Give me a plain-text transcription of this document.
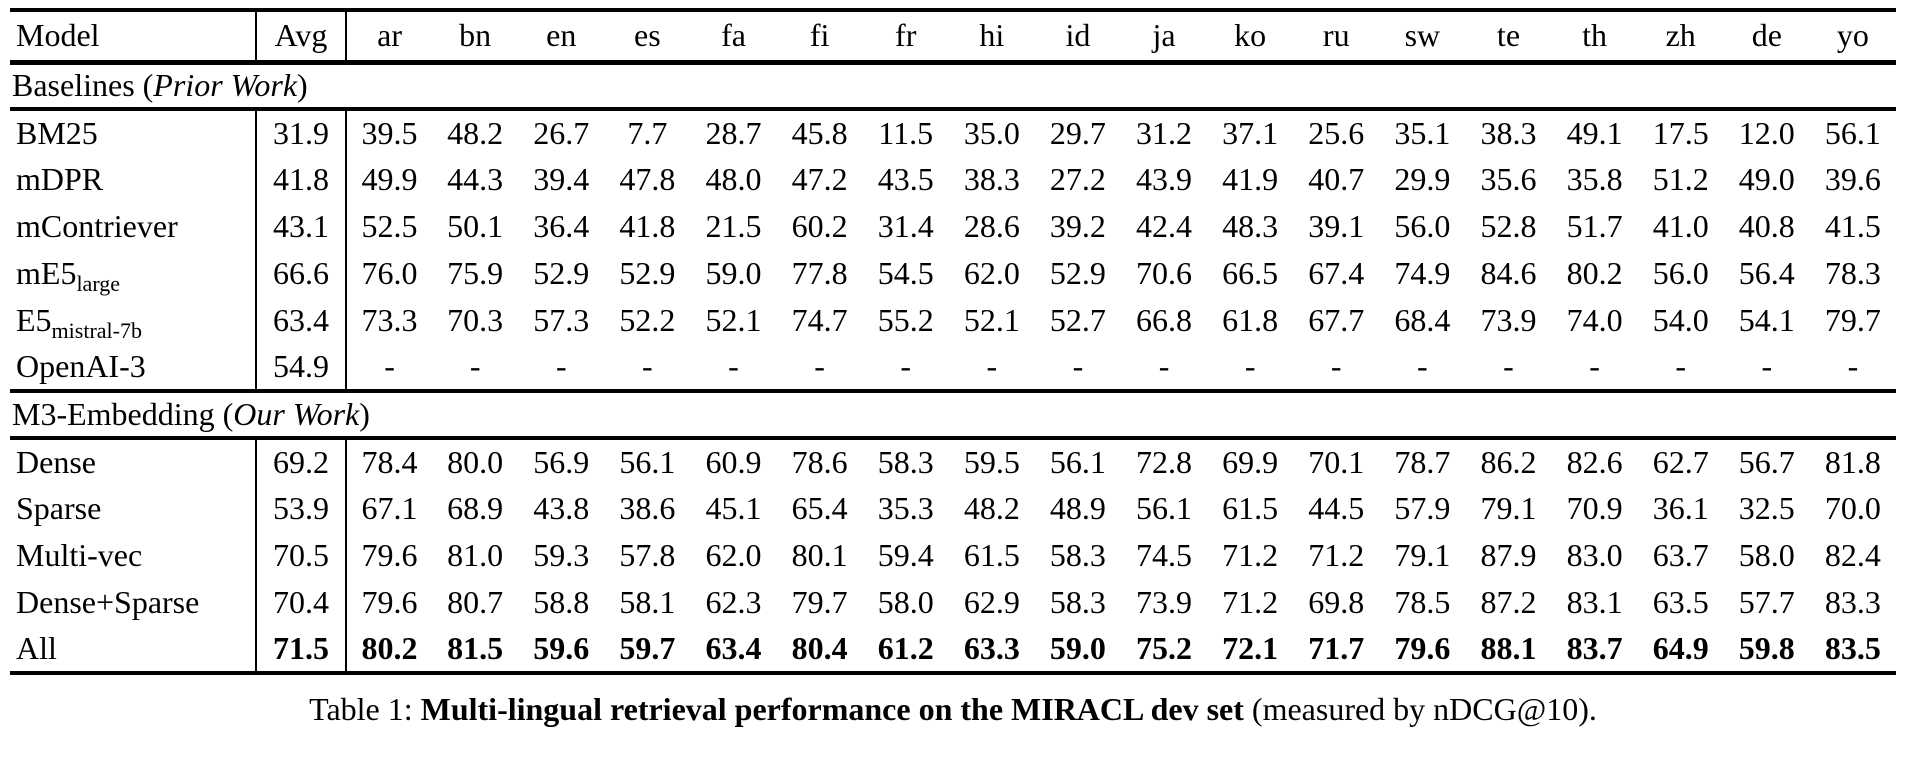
Model	Avg	ar	bn	en	es	fa	fi	fr	hi	id	ja	ko	ru	sw	te	th	zh	de	yo
Baselines (Prior Work)																			
BM25	31.9	39.5	48.2	26.7	7.7	28.7	45.8	11.5	35.0	29.7	31.2	37.1	25.6	35.1	38.3	49.1	17.5	12.0	56.1
mDPR	41.8	49.9	44.3	39.4	47.8	48.0	47.2	43.5	38.3	27.2	43.9	41.9	40.7	29.9	35.6	35.8	51.2	49.0	39.6
mContriever	43.1	52.5	50.1	36.4	41.8	21.5	60.2	31.4	28.6	39.2	42.4	48.3	39.1	56.0	52.8	51.7	41.0	40.8	41.5
$mE5_{large}$	66.6	76.0	75.9	52.9	52.9	59.0	77.8	54.5	62.0	52.9	70.6	66.5	67.4	74.9	84.6	80.2	56.0	56.4	78.3
$E5_{mistral-7b}$	63.4	73.3	70.3	57.3	52.2	52.1	74.7	55.2	52.1	52.7	66.8	61.8	67.7	68.4	73.9	74.0	54.0	54.1	79.7
OpenAI-3	54.9	-	-	-	-	-	-	-	-	-	-	-	-	-	-	-	-	-	-
M3-Embedding (Our Work)																			
Dense	69.2	78.4	80.0	56.9	56.1	60.9	78.6	58.3	59.5	56.1	72.8	69.9	70.1	78.7	86.2	82.6	62.7	56.7	81.8
Sparse	53.9	67.1	68.9	43.8	38.6	45.1	65.4	35.3	48.2	48.9	56.1	61.5	44.5	57.9	79.1	70.9	36.1	32.5	70.0
Multi-vec	70.5	79.6	81.0	59.3	57.8	62.0	80.1	59.4	61.5	58.3	74.5	71.2	71.2	79.1	87.9	83.0	63.7	58.0	82.4
Dense+Sparse	70.4	79.6	80.7	58.8	58.1	62.3	79.7	58.0	62.9	58.3	73.9	71.2	69.8	78.5	87.2	83.1	63.5	57.7	83.3
All	71.5	80.2	81.5	59.6	59.7	63.4	80.4	61.2	63.3	59.0	75.2	72.1	71.7	79.6	88.1	83.7	64.9	59.8	83.5
Table 1: Multi-lingual retrieval performance on the MIRACL dev set (measured by nDCG@10).
